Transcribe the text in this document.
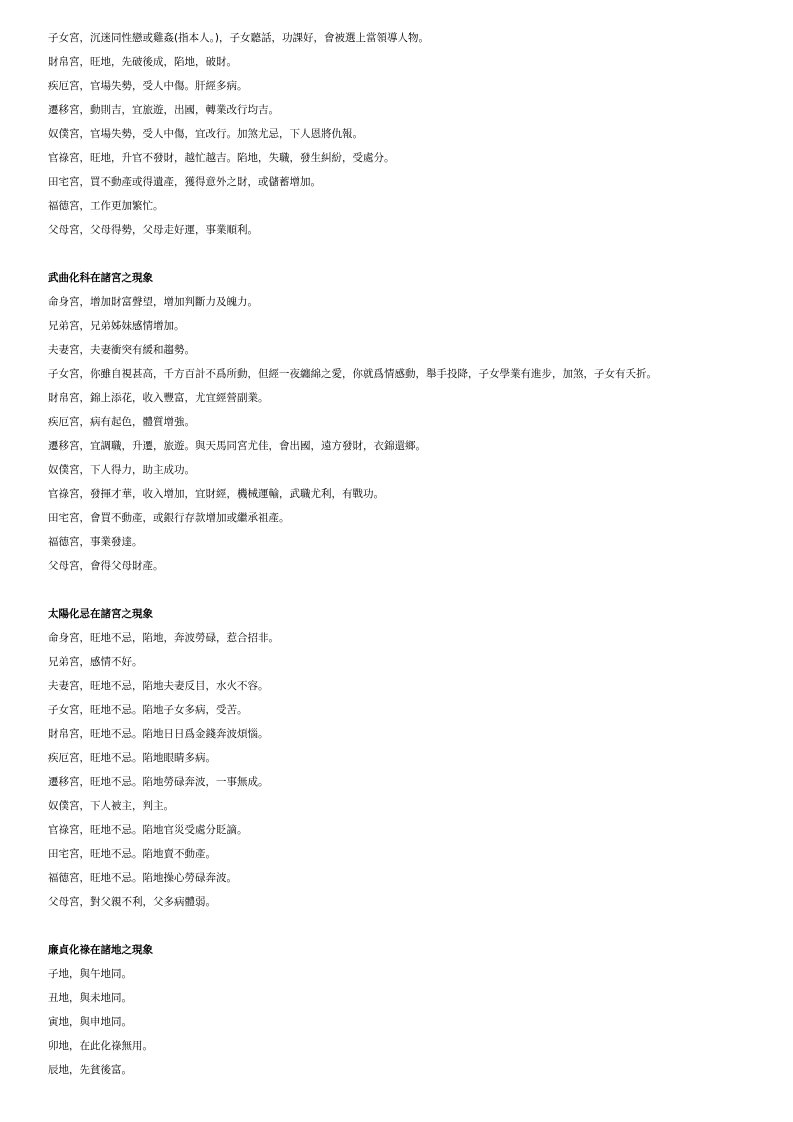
子女宮，沉迷同性戀或雞姦(指本人。)，子女聽話，功課好，會被選上當領導人物。
財帛宮，旺地，先破後成，陷地，破財。
疾厄宮，官場失勢，受人中傷。肝經多病。
遷移宮，動則吉，宜旅遊，出國，轉業改行均吉。
奴僕宮，官場失勢，受人中傷，宜改行。加煞尤忌，下人恩將仇報。
官祿宮，旺地，升官不發財，越忙越吉。陷地，失職，發生糾紛，受處分。
田宅宮，買不動產或得遺產，獲得意外之財，或儲蓄增加。
福德宮，工作更加繁忙。
父母宮，父母得勢，父母走好運，事業順利。
武曲化科在諸宮之現象
命身宮，增加財富聲望，增加判斷力及魄力。
兄弟宮，兄弟姊妹感情增加。
夫妻宮，夫妻衝突有緩和趨勢。
子女宮，你雖自視甚高，千方百計不爲所動，但經一夜纏綿之愛，你就爲情感動，舉手投降，子女學業有進步，加煞，子女有夭折。
財帛宮，錦上添花，收入豐富，尤宜經營副業。
疾厄宮，病有起色，體質增強。
遷移宮，宜調職，升遷，旅遊。與天馬同宮尤佳，會出國，遠方發財，衣錦還鄉。
奴僕宮，下人得力，助主成功。
官祿宮，發揮才華，收入增加，宜財經，機械運輸，武職尤利，有戰功。
田宅宮，會買不動產，或銀行存款增加或繼承祖產。
福德宮，事業發達。
父母宮，會得父母財產。
太陽化忌在諸宮之現象
命身宮，旺地不忌，陷地，奔波勞碌，惹合招非。
兄弟宮，感情不好。
夫妻宮，旺地不忌，陷地夫妻反目，水火不容。
子女宮，旺地不忌。陷地子女多病，受苦。
財帛宮，旺地不忌。陷地日日爲金錢奔波煩惱。
疾厄宮，旺地不忌。陷地眼睛多病。
遷移宮，旺地不忌。陷地勞碌奔波，一事無成。
奴僕宮，下人被主，判主。
官祿宮，旺地不忌。陷地官災受處分貶謫。
田宅宮，旺地不忌。陷地賣不動產。
福德宮，旺地不忌。陷地操心勞碌奔波。
父母宮，對父親不利，父多病體弱。
廉貞化祿在諸地之現象
子地，與午地同。
丑地，與未地同。
寅地，與申地同。
卯地，在此化祿無用。
辰地，先貧後富。
